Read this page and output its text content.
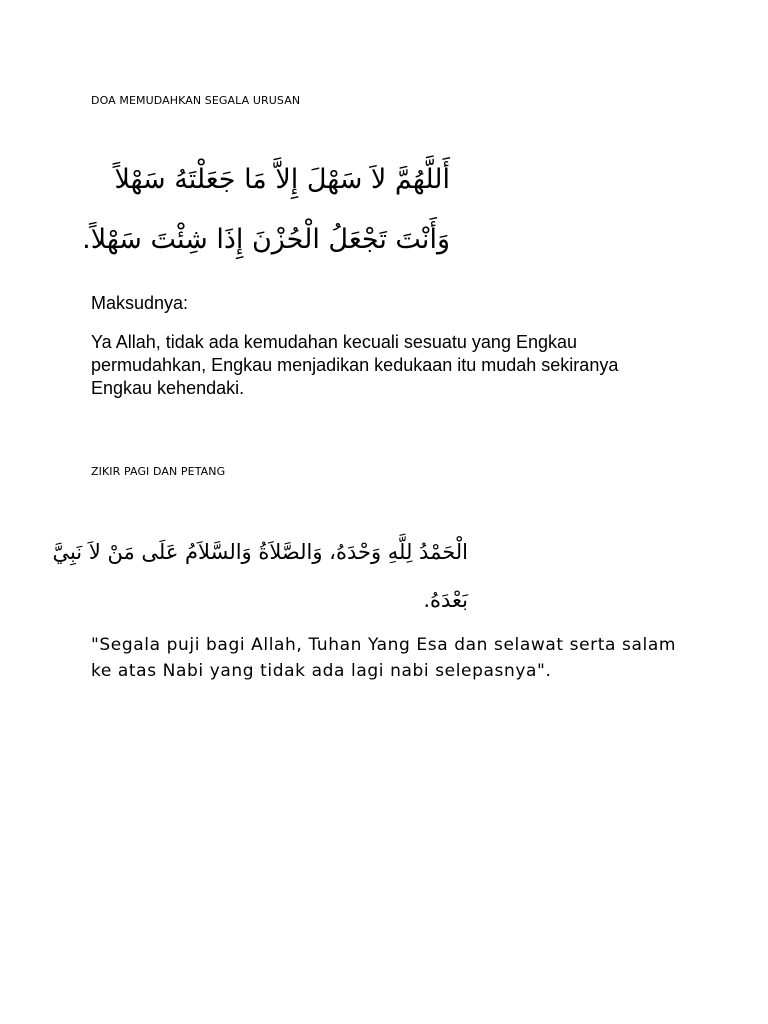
DOA MEMUDAHKAN SEGALA URUSAN
أَللَّهُمَّ لاَ سَهْلَ إِلاَّ مَا جَعَلْتَهُ سَهْلاً
وَأَنْتَ تَجْعَلُ الْحُزْنَ إِذَا شِئْتَ سَهْلاً.
Maksudnya:
Ya Allah, tidak ada kemudahan kecuali sesuatu yang Engkau permudahkan, Engkau menjadikan kedukaan itu mudah sekiranya Engkau kehendaki.
ZIKIR PAGI DAN PETANG
الْحَمْدُ لِلَّهِ وَحْدَهُ، وَالصَّلاَةُ وَالسَّلاَمُ عَلَى مَنْ لاَ نَبِيَّ
بَعْدَهُ.
"Segala puji bagi Allah, Tuhan Yang Esa dan selawat serta salam ke atas Nabi yang tidak ada lagi nabi selepasnya".
